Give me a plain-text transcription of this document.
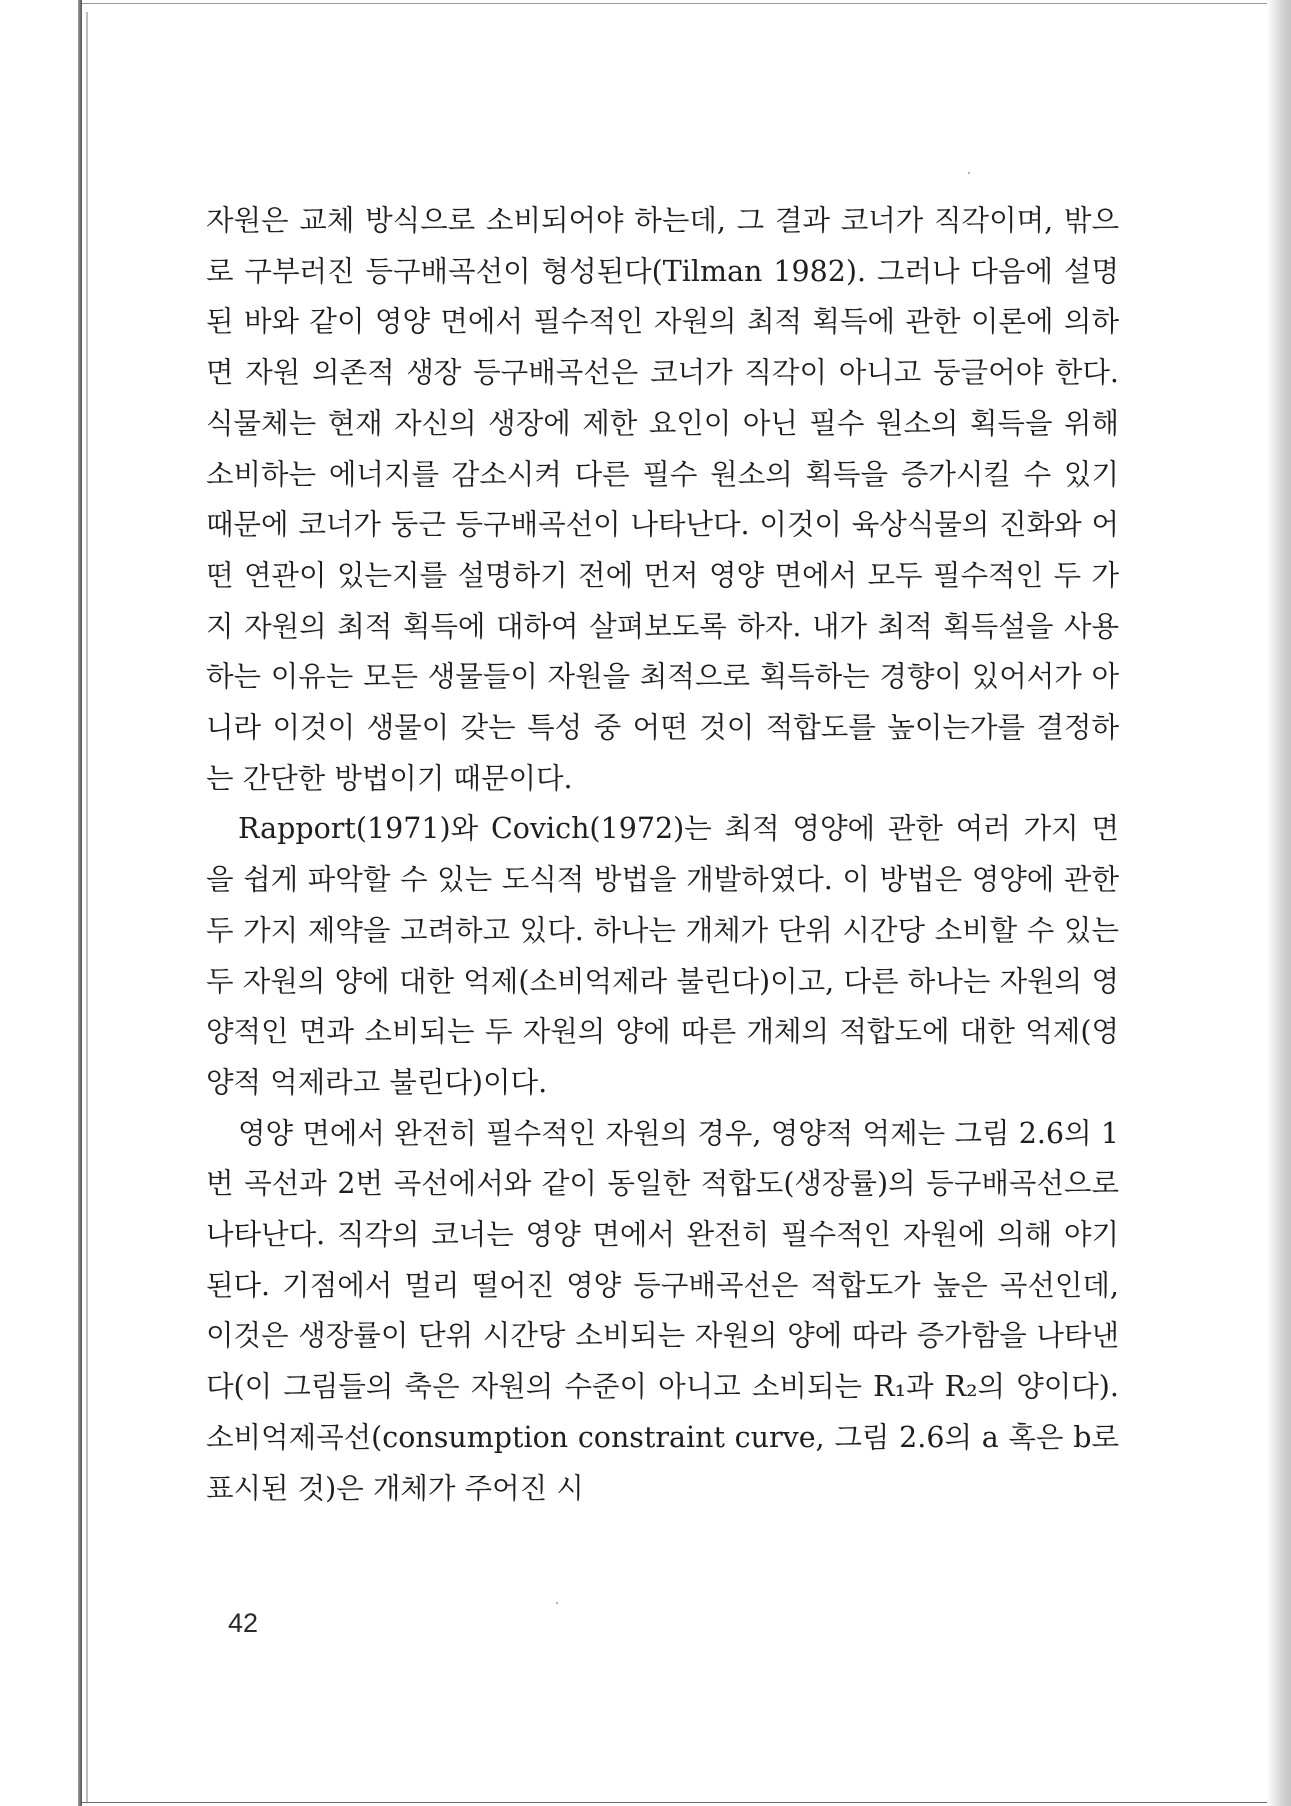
자원은 교체 방식으로 소비되어야 하는데, 그 결과 코너가 직각이며, 밖으로 구부러진 등구배곡선이 형성된다(Tilman 1982). 그러나 다음에 설명된 바와 같이 영양 면에서 필수적인 자원의 최적 획득에 관한 이론에 의하면 자원 의존적 생장 등구배곡선은 코너가 직각이 아니고 둥글어야 한다. 식물체는 현재 자신의 생장에 제한 요인이 아닌 필수 원소의 획득을 위해 소비하는 에너지를 감소시켜 다른 필수 원소의 획득을 증가시킬 수 있기 때문에 코너가 둥근 등구배곡선이 나타난다. 이것이 육상식물의 진화와 어떤 연관이 있는지를 설명하기 전에 먼저 영양 면에서 모두 필수적인 두 가지 자원의 최적 획득에 대하여 살펴보도록 하자. 내가 최적 획득설을 사용하는 이유는 모든 생물들이 자원을 최적으로 획득하는 경향이 있어서가 아니라 이것이 생물이 갖는 특성 중 어떤 것이 적합도를 높이는가를 결정하는 간단한 방법이기 때문이다.

Rapport(1971)와 Covich(1972)는 최적 영양에 관한 여러 가지 면을 쉽게 파악할 수 있는 도식적 방법을 개발하였다. 이 방법은 영양에 관한 두 가지 제약을 고려하고 있다. 하나는 개체가 단위 시간당 소비할 수 있는 두 자원의 양에 대한 억제(소비억제라 불린다)이고, 다른 하나는 자원의 영양적인 면과 소비되는 두 자원의 양에 따른 개체의 적합도에 대한 억제(영양적 억제라고 불린다)이다.

영양 면에서 완전히 필수적인 자원의 경우, 영양적 억제는 그림 2.6의 1번 곡선과 2번 곡선에서와 같이 동일한 적합도(생장률)의 등구배곡선으로 나타난다. 직각의 코너는 영양 면에서 완전히 필수적인 자원에 의해 야기된다. 기점에서 멀리 떨어진 영양 등구배곡선은 적합도가 높은 곡선인데, 이것은 생장률이 단위 시간당 소비되는 자원의 양에 따라 증가함을 나타낸다(이 그림들의 축은 자원의 수준이 아니고 소비되는 R₁과 R₂의 양이다). 소비억제곡선(consumption constraint curve, 그림 2.6의 a 혹은 b로 표시된 것)은 개체가 주어진 시

42
